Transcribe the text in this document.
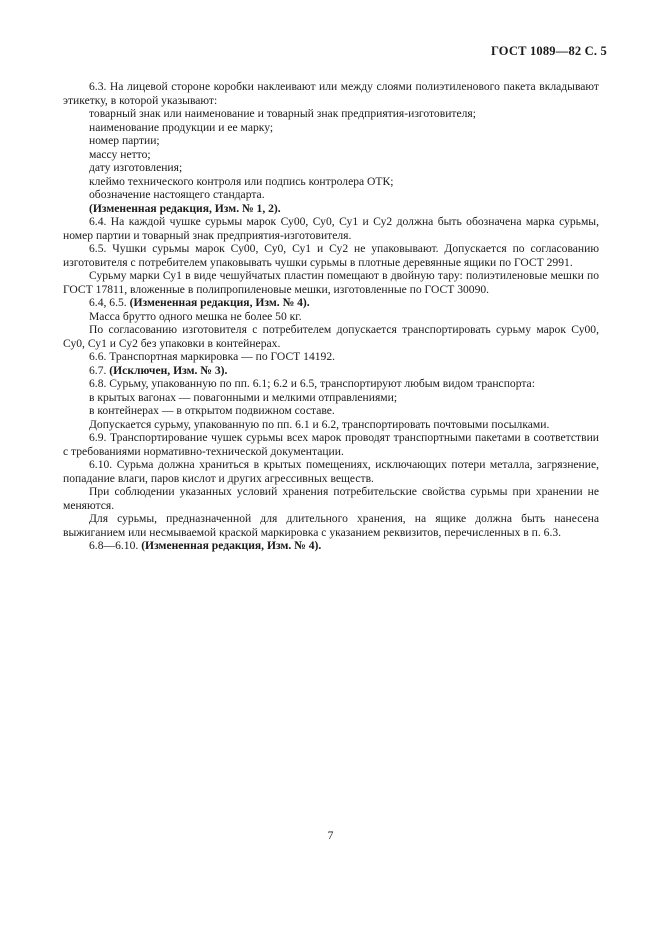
ГОСТ 1089—82 С. 5

6.3. На лицевой стороне коробки наклеивают или между слоями полиэтиленового пакета вкладывают этикетку, в которой указывают:

товарный знак или наименование и товарный знак предприятия-изготовителя;

наименование продукции и ее марку;

номер партии;

массу нетто;

дату изготовления;

клеймо технического контроля или подпись контролера ОТК;

обозначение настоящего стандарта.

(Измененная редакция, Изм. № 1, 2).

6.4. На каждой чушке сурьмы марок Су00, Су0, Су1 и Су2 должна быть обозначена марка сурьмы, номер партии и товарный знак предприятия-изготовителя.

6.5. Чушки сурьмы марок Су00, Су0, Су1 и Су2 не упаковывают. Допускается по согласованию изготовителя с потребителем упаковывать чушки сурьмы в плотные деревянные ящики по ГОСТ 2991.

Сурьму марки Су1 в виде чешуйчатых пластин помещают в двойную тару: полиэтиленовые мешки по ГОСТ 17811, вложенные в полипропиленовые мешки, изготовленные по ГОСТ 30090.

6.4, 6.5. (Измененная редакция, Изм. № 4).

Масса брутто одного мешка не более 50 кг.

По согласованию изготовителя с потребителем допускается транспортировать сурьму марок Су00, Су0, Су1 и Су2 без упаковки в контейнерах.

6.6. Транспортная маркировка — по ГОСТ 14192.

6.7. (Исключен, Изм. № 3).

6.8. Сурьму, упакованную по пп. 6.1; 6.2 и 6.5, транспортируют любым видом транспорта:

в крытых вагонах — повагонными и мелкими отправлениями;

в контейнерах — в открытом подвижном составе.

Допускается сурьму, упакованную по пп. 6.1 и 6.2, транспортировать почтовыми посылками.

6.9. Транспортирование чушек сурьмы всех марок проводят транспортными пакетами в соответствии с требованиями нормативно-технической документации.

6.10. Сурьма должна храниться в крытых помещениях, исключающих потери металла, загрязнение, попадание влаги, паров кислот и других агрессивных веществ.

При соблюдении указанных условий хранения потребительские свойства сурьмы при хранении не меняются.

Для сурьмы, предназначенной для длительного хранения, на ящике должна быть нанесена выжиганием или несмываемой краской маркировка с указанием реквизитов, перечисленных в п. 6.3.

6.8—6.10. (Измененная редакция, Изм. № 4).

7
